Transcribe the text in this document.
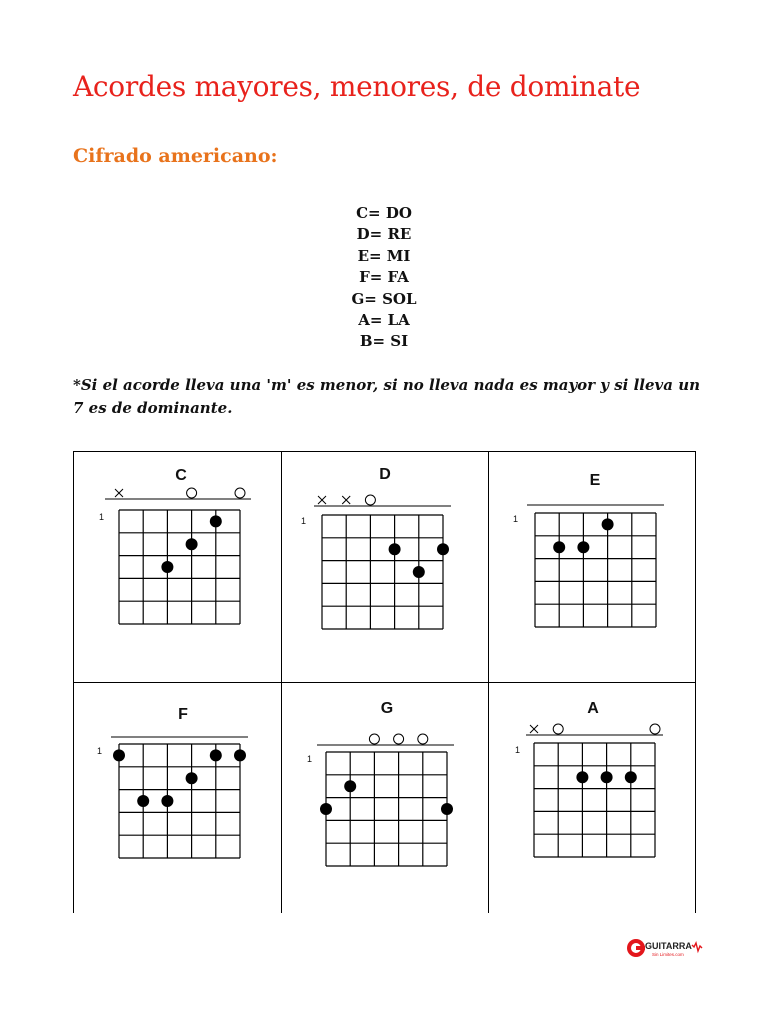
Acordes mayores, menores, de dominate
Cifrado americano:
C= DO
D= RE
E= MI
F= FA
G= SOL
A= LA
B= SI
*Si el acorde lleva una 'm' es menor, si no lleva nada es mayor y si lleva un 7 es de dominante.
C
1
D
1
E
1
F
1
G
1
A
1
GUITARRA
Sin Limites.com
